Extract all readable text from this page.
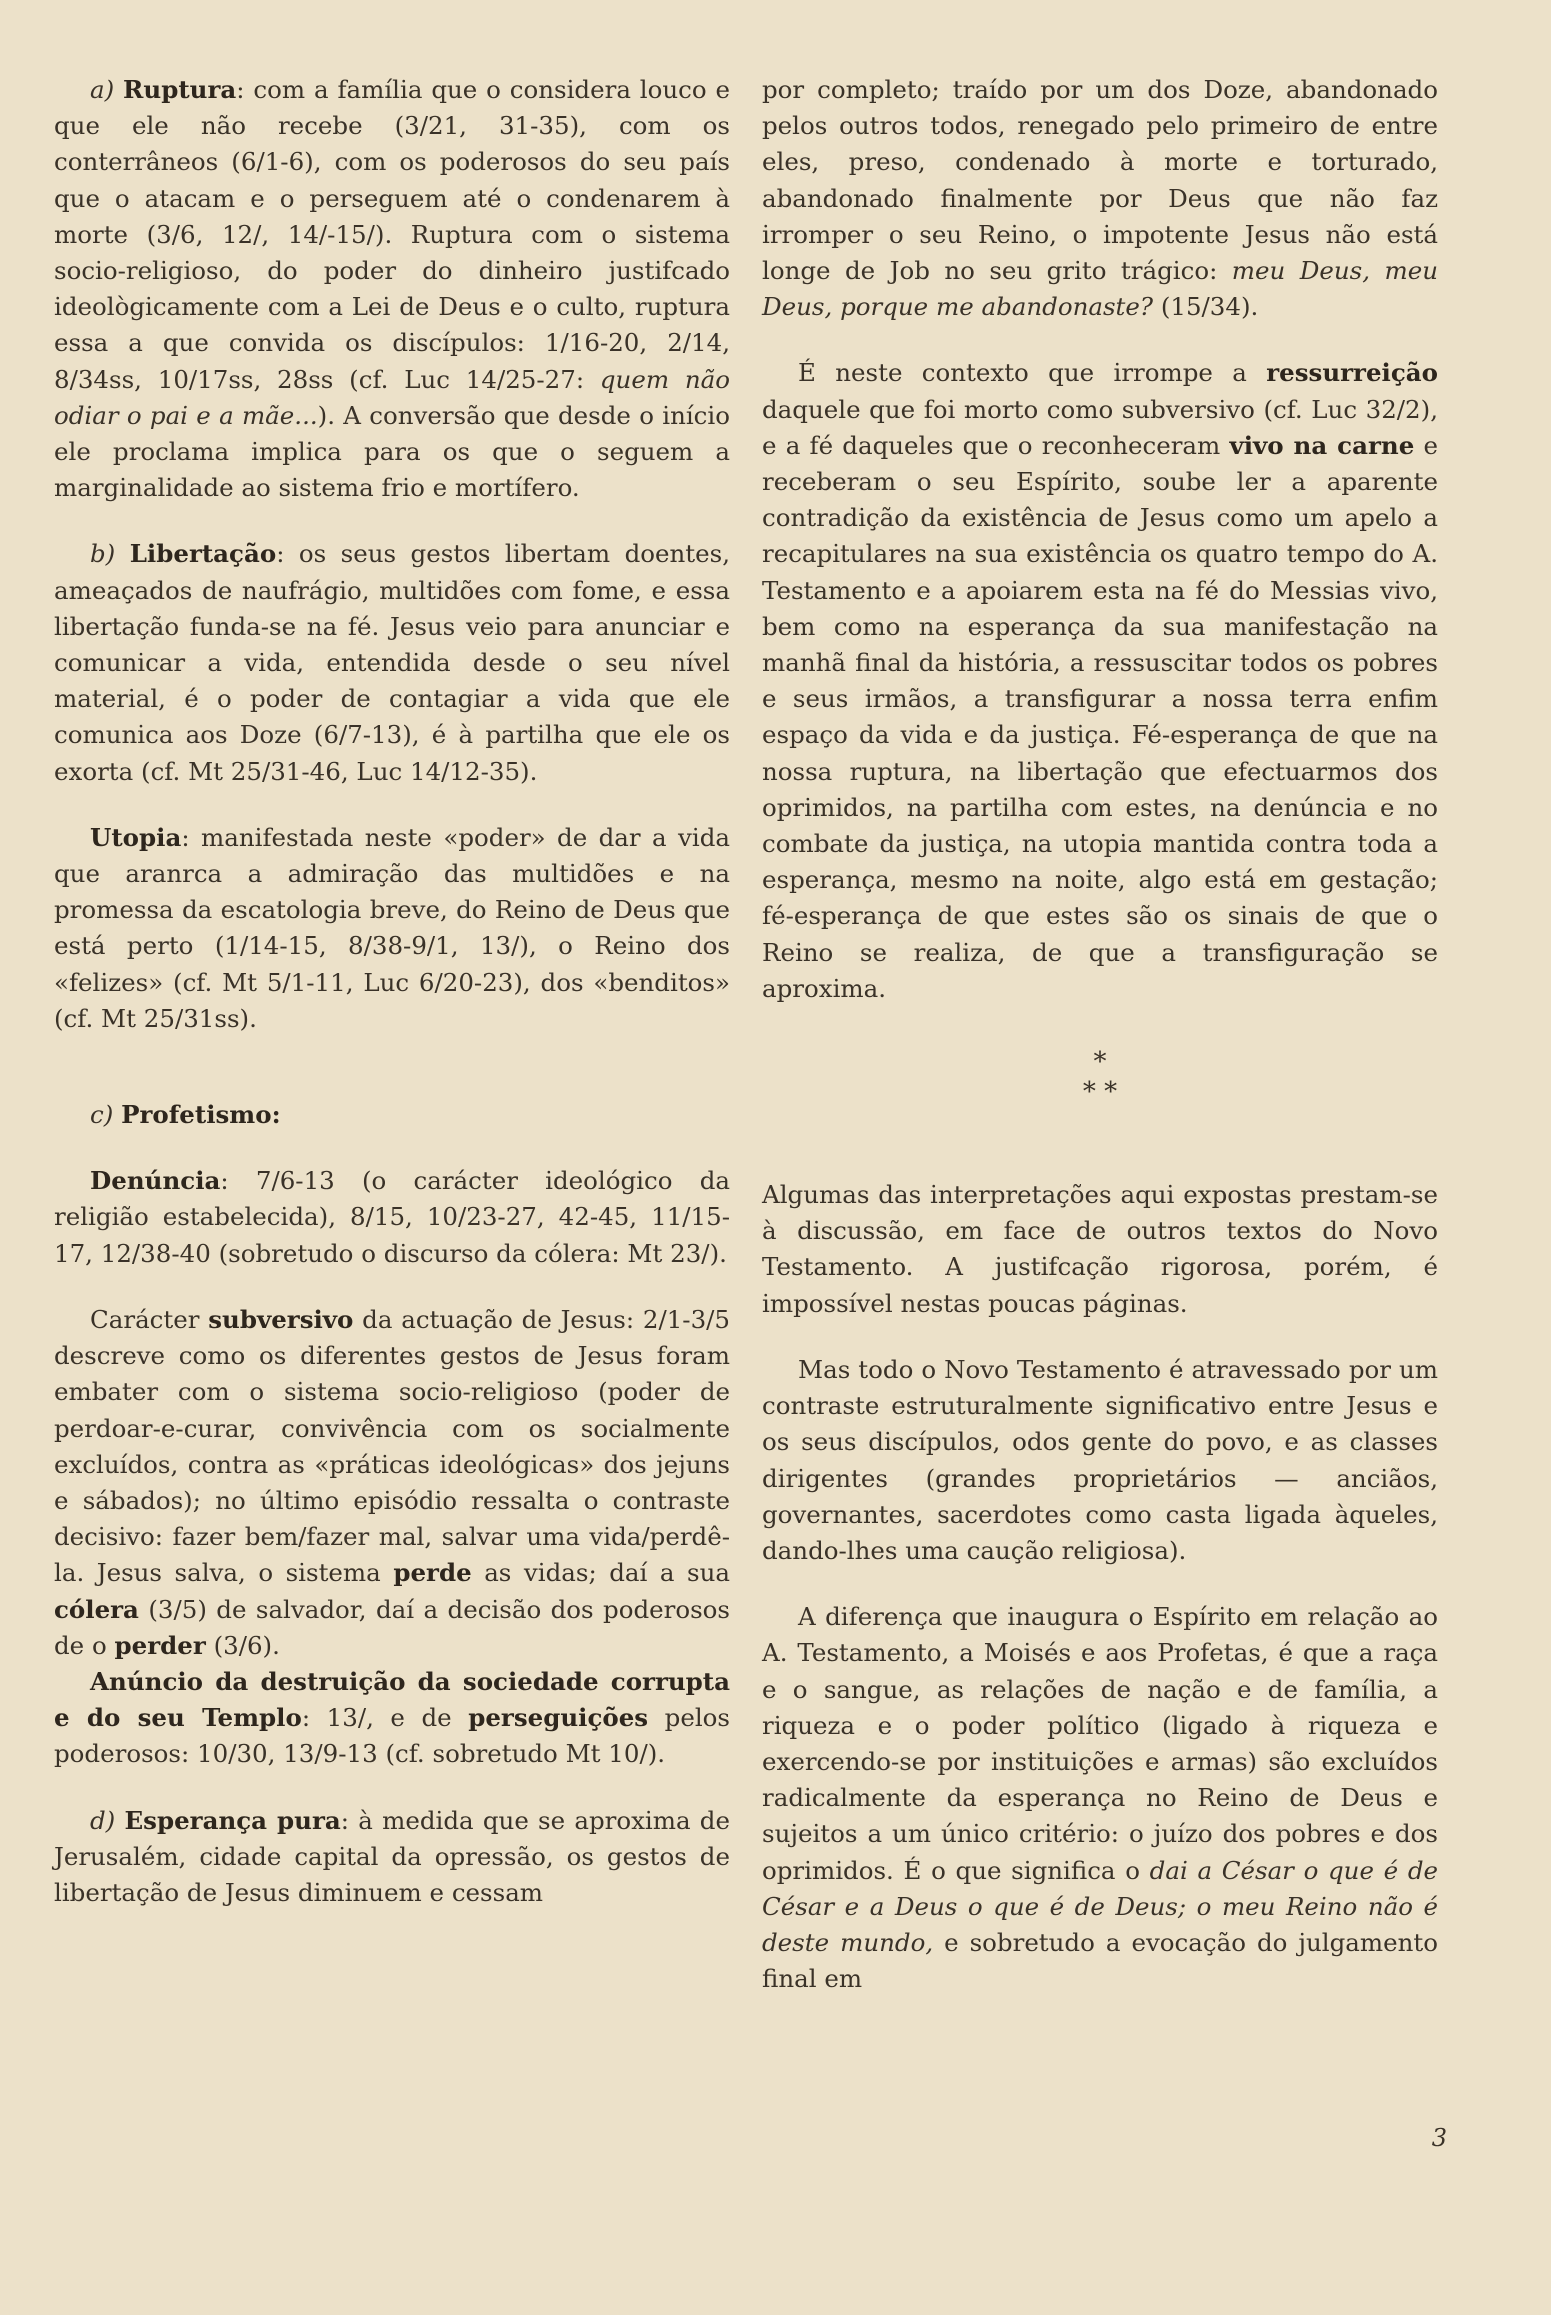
a) Ruptura: com a família que o considera louco e que ele não recebe (3/21, 31-35), com os conterrâneos (6/1-6), com os poderosos do seu país que o atacam e o perseguem até o condenarem à morte (3/6, 12/, 14/-15/). Ruptura com o sistema socio-religioso, do poder do dinheiro justifcado ideològicamente com a Lei de Deus e o culto, ruptura essa a que convida os discípulos: 1/16-20, 2/14, 8/34ss, 10/17ss, 28ss (cf. Luc 14/25-27: quem não odiar o pai e a mãe...). A conversão que desde o início ele proclama implica para os que o seguem a marginalidade ao sistema frio e mortífero.

b) Libertação: os seus gestos libertam doentes, ameaçados de naufrágio, multidões com fome, e essa libertação funda-se na fé. Jesus veio para anunciar e comunicar a vida, entendida desde o seu nível material, é o poder de contagiar a vida que ele comunica aos Doze (6/7-13), é à partilha que ele os exorta (cf. Mt 25/31-46, Luc 14/12-35).

Utopia: manifestada neste «poder» de dar a vida que aranrca a admiração das multidões e na promessa da escatologia breve, do Reino de Deus que está perto (1/14-15, 8/38-9/1, 13/), o Reino dos «felizes» (cf. Mt 5/1-11, Luc 6/20-23), dos «benditos» (cf. Mt 25/31ss).

c) Profetismo:

Denúncia: 7/6-13 (o carácter ideológico da religião estabelecida), 8/15, 10/23-27, 42-45, 11/15-17, 12/38-40 (sobretudo o discurso da cólera: Mt 23/).

Carácter subversivo da actuação de Jesus: 2/1-3/5 descreve como os diferentes gestos de Jesus foram embater com o sistema socio-religioso (poder de perdoar-e-curar, convivência com os socialmente excluídos, contra as «práticas ideológicas» dos jejuns e sábados); no último episódio ressalta o contraste decisivo: fazer bem/fazer mal, salvar uma vida/perdê-la. Jesus salva, o sistema perde as vidas; daí a sua cólera (3/5) de salvador, daí a decisão dos poderosos de o perder (3/6).

Anúncio da destruição da sociedade corrupta e do seu Templo: 13/, e de perseguições pelos poderosos: 10/30, 13/9-13 (cf. sobretudo Mt 10/).

d) Esperança pura: à medida que se aproxima de Jerusalém, cidade capital da opressão, os gestos de libertação de Jesus diminuem e cessam

por completo; traído por um dos Doze, abandonado pelos outros todos, renegado pelo primeiro de entre eles, preso, condenado à morte e torturado, abandonado finalmente por Deus que não faz irromper o seu Reino, o impotente Jesus não está longe de Job no seu grito trágico: meu Deus, meu Deus, porque me abandonaste? (15/34).

É neste contexto que irrompe a ressurreição daquele que foi morto como subversivo (cf. Luc 32/2), e a fé daqueles que o reconheceram vivo na carne e receberam o seu Espírito, soube ler a aparente contradição da existência de Jesus como um apelo a recapitulares na sua existência os quatro tempo do A. Testamento e a apoiarem esta na fé do Messias vivo, bem como na esperança da sua manifestação na manhã final da história, a ressuscitar todos os pobres e seus irmãos, a transfigurar a nossa terra enfim espaço da vida e da justiça. Fé-esperança de que na nossa ruptura, na libertação que efectuarmos dos oprimidos, na partilha com estes, na denúncia e no combate da justiça, na utopia mantida contra toda a esperança, mesmo na noite, algo está em gestação; fé-esperança de que estes são os sinais de que o Reino se realiza, de que a transfiguração se aproxima.

*
* *

Algumas das interpretações aqui expostas prestam-se à discussão, em face de outros textos do Novo Testamento. A justifcação rigorosa, porém, é impossível nestas poucas páginas.

Mas todo o Novo Testamento é atravessado por um contraste estruturalmente significativo entre Jesus e os seus discípulos, odos gente do povo, e as classes dirigentes (grandes proprietários — anciãos, governantes, sacerdotes como casta ligada àqueles, dando-lhes uma caução religiosa).

A diferença que inaugura o Espírito em relação ao A. Testamento, a Moisés e aos Profetas, é que a raça e o sangue, as relações de nação e de família, a riqueza e o poder político (ligado à riqueza e exercendo-se por instituições e armas) são excluídos radicalmente da esperança no Reino de Deus e sujeitos a um único critério: o juízo dos pobres e dos oprimidos. É o que significa o dai a César o que é de César e a Deus o que é de Deus; o meu Reino não é deste mundo, e sobretudo a evocação do julgamento final em

3
